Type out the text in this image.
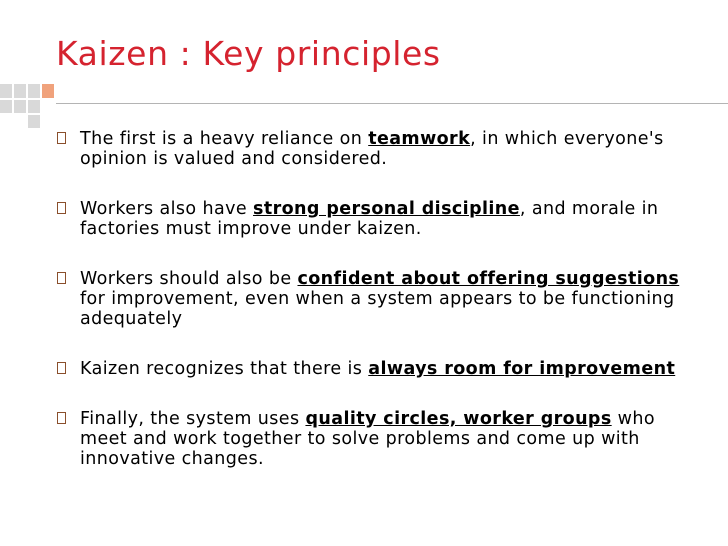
Kaizen : Key principles
The first is a heavy reliance on teamwork, in which everyone's opinion is valued and considered.
Workers also have strong personal discipline, and morale in factories must improve under kaizen.
Workers should also be confident about offering suggestions for improvement, even when a system appears to be functioning adequately
Kaizen recognizes that there is always room for improvement
Finally, the system uses quality circles, worker groups who meet and work together to solve problems and come up with innovative changes.
